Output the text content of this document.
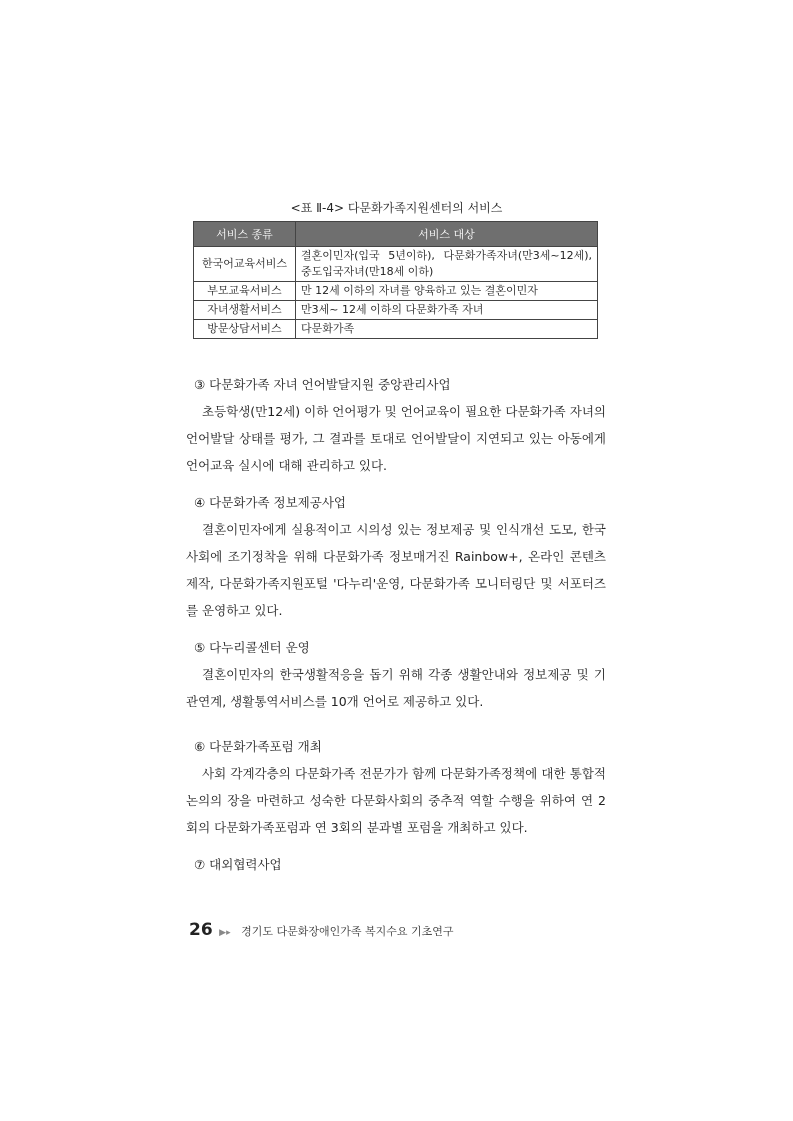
<표 Ⅱ-4> 다문화가족지원센터의 서비스
서비스 종류	서비스 대상
한국어교육서비스	결혼이민자(입국 5년이하), 다문화가족자녀(만3세~12세), 중도입국자녀(만18세 이하)
부모교육서비스	만 12세 이하의 자녀를 양육하고 있는 결혼이민자
자녀생활서비스	만3세~ 12세 이하의 다문화가족 자녀
방문상담서비스	다문화가족
③ 다문화가족 자녀 언어발달지원 중앙관리사업
초등학생(만12세) 이하 언어평가 및 언어교육이 필요한 다문화가족 자녀의 언어발달 상태를 평가, 그 결과를 토대로 언어발달이 지연되고 있는 아동에게 언어교육 실시에 대해 관리하고 있다.
④ 다문화가족 정보제공사업
결혼이민자에게 실용적이고 시의성 있는 정보제공 및 인식개선 도모, 한국사회에 조기정착을 위해 다문화가족 정보매거진 Rainbow+, 온라인 콘텐츠 제작, 다문화가족지원포털 '다누리'운영, 다문화가족 모니터링단 및 서포터즈를 운영하고 있다.
⑤ 다누리콜센터 운영
결혼이민자의 한국생활적응을 돕기 위해 각종 생활안내와 정보제공 및 기관연계, 생활통역서비스를 10개 언어로 제공하고 있다.
⑥ 다문화가족포럼 개최
사회 각계각층의 다문화가족 전문가가 함께 다문화가족정책에 대한 통합적 논의의 장을 마련하고 성숙한 다문화사회의 중추적 역할 수행을 위하여 연 2회의 다문화가족포럼과 연 3회의 분과별 포럼을 개최하고 있다.
⑦ 대외협력사업
26 ▶▸ 경기도 다문화장애인가족 복지수요 기초연구
